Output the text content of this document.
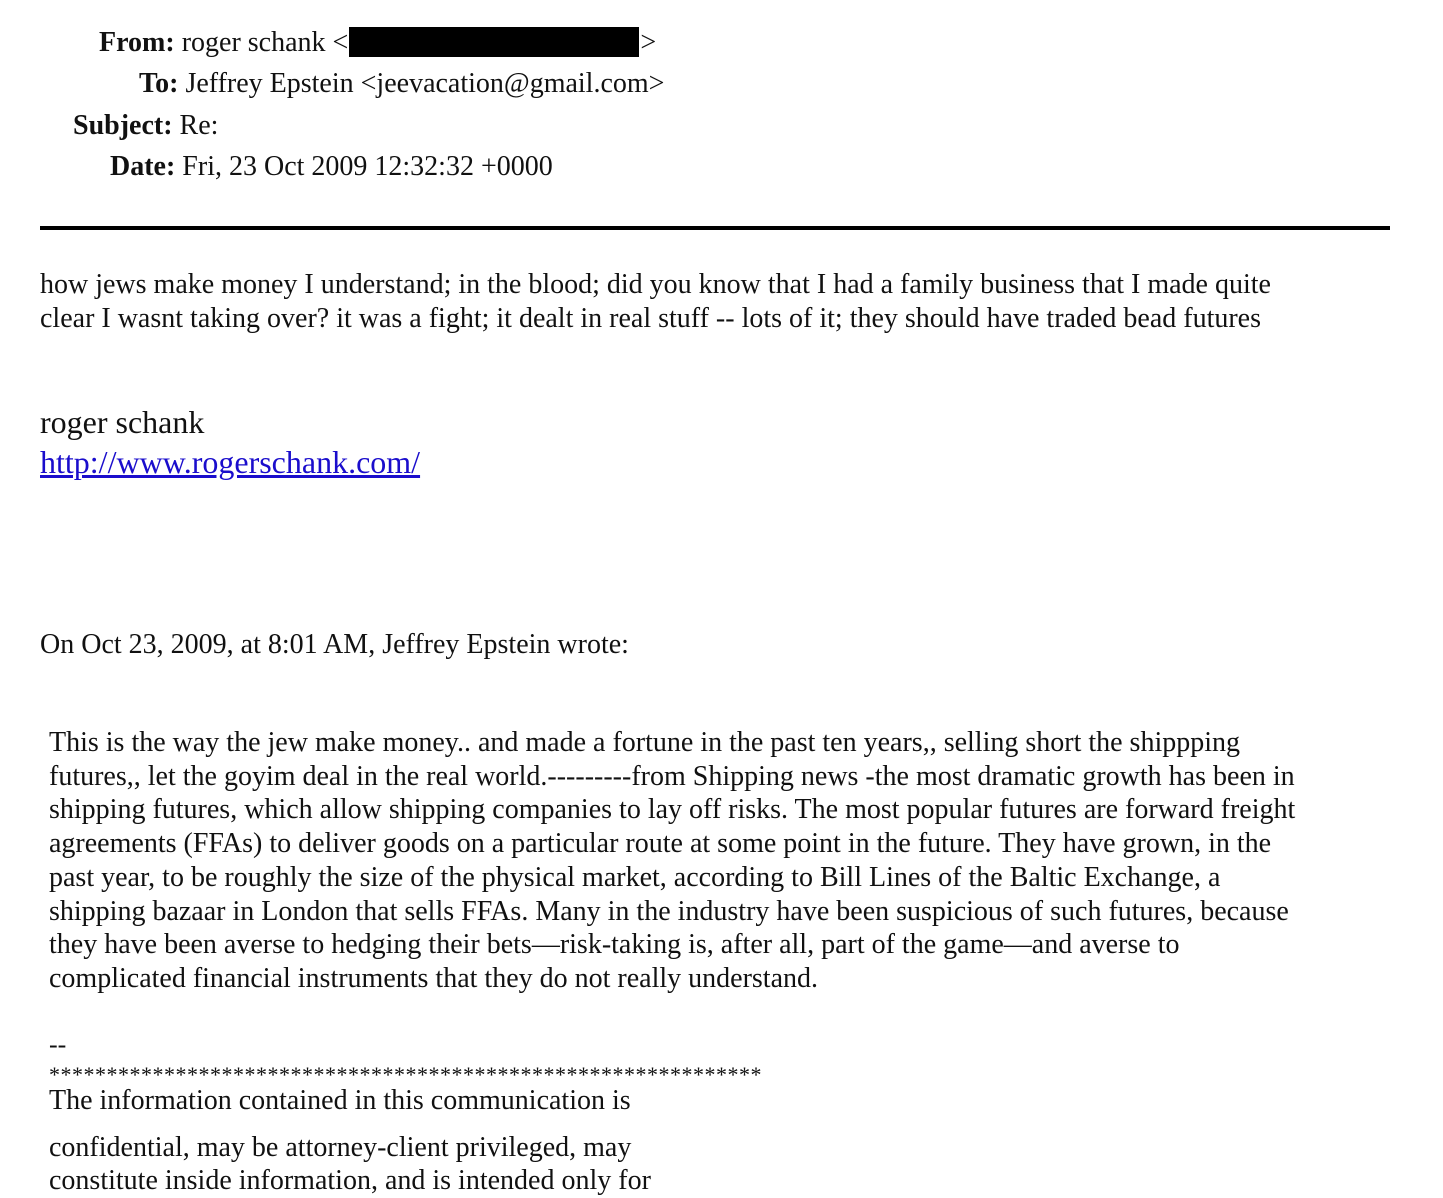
From: roger schank <	>
To: Jeffrey Epstein <jeevacation@gmail.com>
Subject: Re:
Date: Fri, 23 Oct 2009 12:32:32 +0000
how jews make money I understand; in the blood; did you know that I had a family business that I made quite
clear I wasnt taking over? it was a fight; it dealt in real stuff -- lots of it; they should have traded bead futures
roger schank
http://www.rogerschank.com/
On Oct 23, 2009, at 8:01 AM, Jeffrey Epstein wrote:
This is the way the jew make money.. and made a fortune in the past ten years,, selling short the shippping
futures,, let the goyim deal in the real world.---------from Shipping news -the most dramatic growth has been in
shipping futures, which allow shipping companies to lay off risks. The most popular futures are forward freight
agreements (FFAs) to deliver goods on a particular route at some point in the future. They have grown, in the
past year, to be roughly the size of the physical market, according to Bill Lines of the Baltic Exchange, a
shipping bazaar in London that sells FFAs. Many in the industry have been suspicious of such futures, because
they have been averse to hedging their bets—risk-taking is, after all, part of the game—and averse to
complicated financial instruments that they do not really understand.
--
**************************************************************
The information contained in this communication is
confidential, may be attorney-client privileged, may
constitute inside information, and is intended only for
